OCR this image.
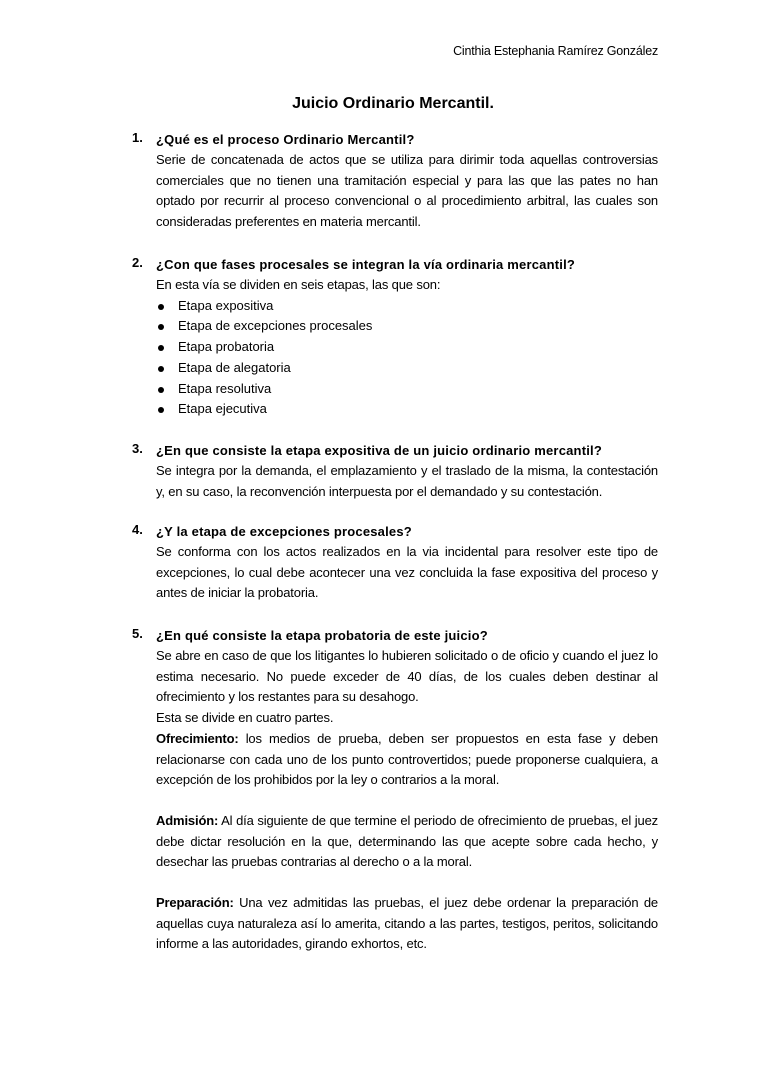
Cinthia Estephania Ramírez González
Juicio Ordinario Mercantil.
1.	¿Qué es el proceso Ordinario Mercantil?

Serie de concatenada de actos que se utiliza para dirimir toda aquellas controversias comerciales que no tienen una tramitación especial y para las que las pates no han optado por recurrir al proceso convencional o al procedimiento arbitral, las cuales son consideradas preferentes en materia mercantil.

2.	¿Con que fases procesales se integran la vía ordinaria mercantil?

En esta vía se dividen en seis etapas, las que son:

Etapa expositiva
Etapa de excepciones procesales
Etapa probatoria
Etapa de alegatoria
Etapa resolutiva
Etapa ejecutiva
3.	¿En que consiste la etapa expositiva de un juicio ordinario mercantil?

Se integra por la demanda, el emplazamiento y el traslado de la misma, la contestación y, en su caso, la reconvención interpuesta por el demandado y su contestación.

4.	¿Y la etapa de excepciones procesales?

Se conforma con los actos realizados en la via incidental para resolver este tipo de excepciones, lo cual debe acontecer una vez concluida la fase expositiva del proceso y antes de iniciar la probatoria.

5.	¿En qué consiste la etapa probatoria de este juicio?

Se abre en caso de que los litigantes lo hubieren solicitado o de oficio y cuando el juez lo estima necesario. No puede exceder de 40 días, de los cuales deben destinar al ofrecimiento y los restantes para su desahogo.

Esta se divide en cuatro partes.

Ofrecimiento: los medios de prueba, deben ser propuestos en esta fase y deben relacionarse con cada uno de los punto controvertidos; puede proponerse cualquiera, a excepción de los prohibidos por la ley o contrarios a la moral.

Admisión: Al día siguiente de que termine el periodo de ofrecimiento de pruebas, el juez debe dictar resolución en la que, determinando las que acepte sobre cada hecho, y desechar las pruebas contrarias al derecho o a la moral.

Preparación: Una vez admitidas las pruebas, el juez debe ordenar la preparación de aquellas cuya naturaleza así lo amerita, citando a las partes, testigos, peritos, solicitando informe a las autoridades, girando exhortos, etc.
